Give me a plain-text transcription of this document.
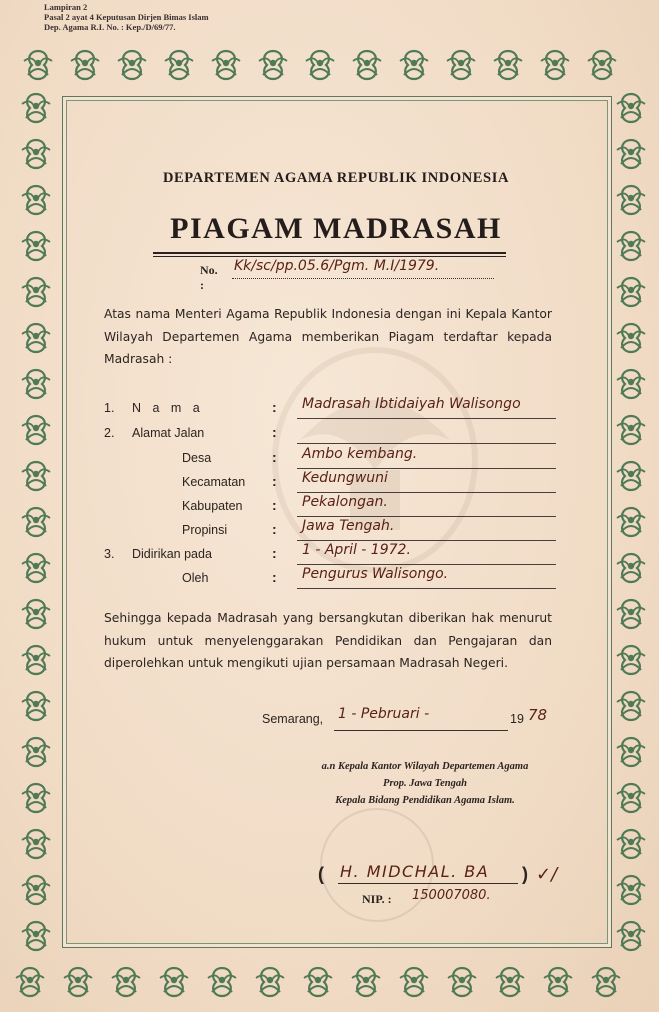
Lampiran 2
Pasal 2 ayat 4 Keputusan Dirjen Bimas Islam
Dep. Agama R.I. No. : Kep./D/69/77.
DEPARTEMEN AGAMA REPUBLIK INDONESIA
PIAGAM MADRASAH
No. :
Kk/sc/pp.05.6/Pgm. M.I/1979.
Atas nama Menteri Agama Republik Indonesia dengan ini Kepala Kantor Wilayah Departemen Agama memberikan Piagam terdaftar kepada Madrasah :
1. N a m a	: Madrasah Ibtidaiyah Walisongo
2. Alamat Jalan	:
Desa	: Ambo kembang.
Kecamatan : Kedungwuni
Kabupaten : Pekalongan.
Propinsi	: Jawa Tengah.
3. Didirikan pada	: 1 - April - 1972.
Oleh	: Pengurus Walisongo.
Sehingga kepada Madrasah yang bersangkutan diberikan hak menurut hukum untuk menyelenggarakan Pendidikan dan Pengajaran dan diperolehkan untuk mengikuti ujian persamaan Madrasah Negeri.
Semarang, 1 - Pebruari -	19 78
a.n Kepala Kantor Wilayah Departemen Agama
Prop. Jawa Tengah
Kepala Bidang Pendidikan Agama Islam.
( H. MIDCHAL. BA ) ✓/
NIP. : 150007080.
